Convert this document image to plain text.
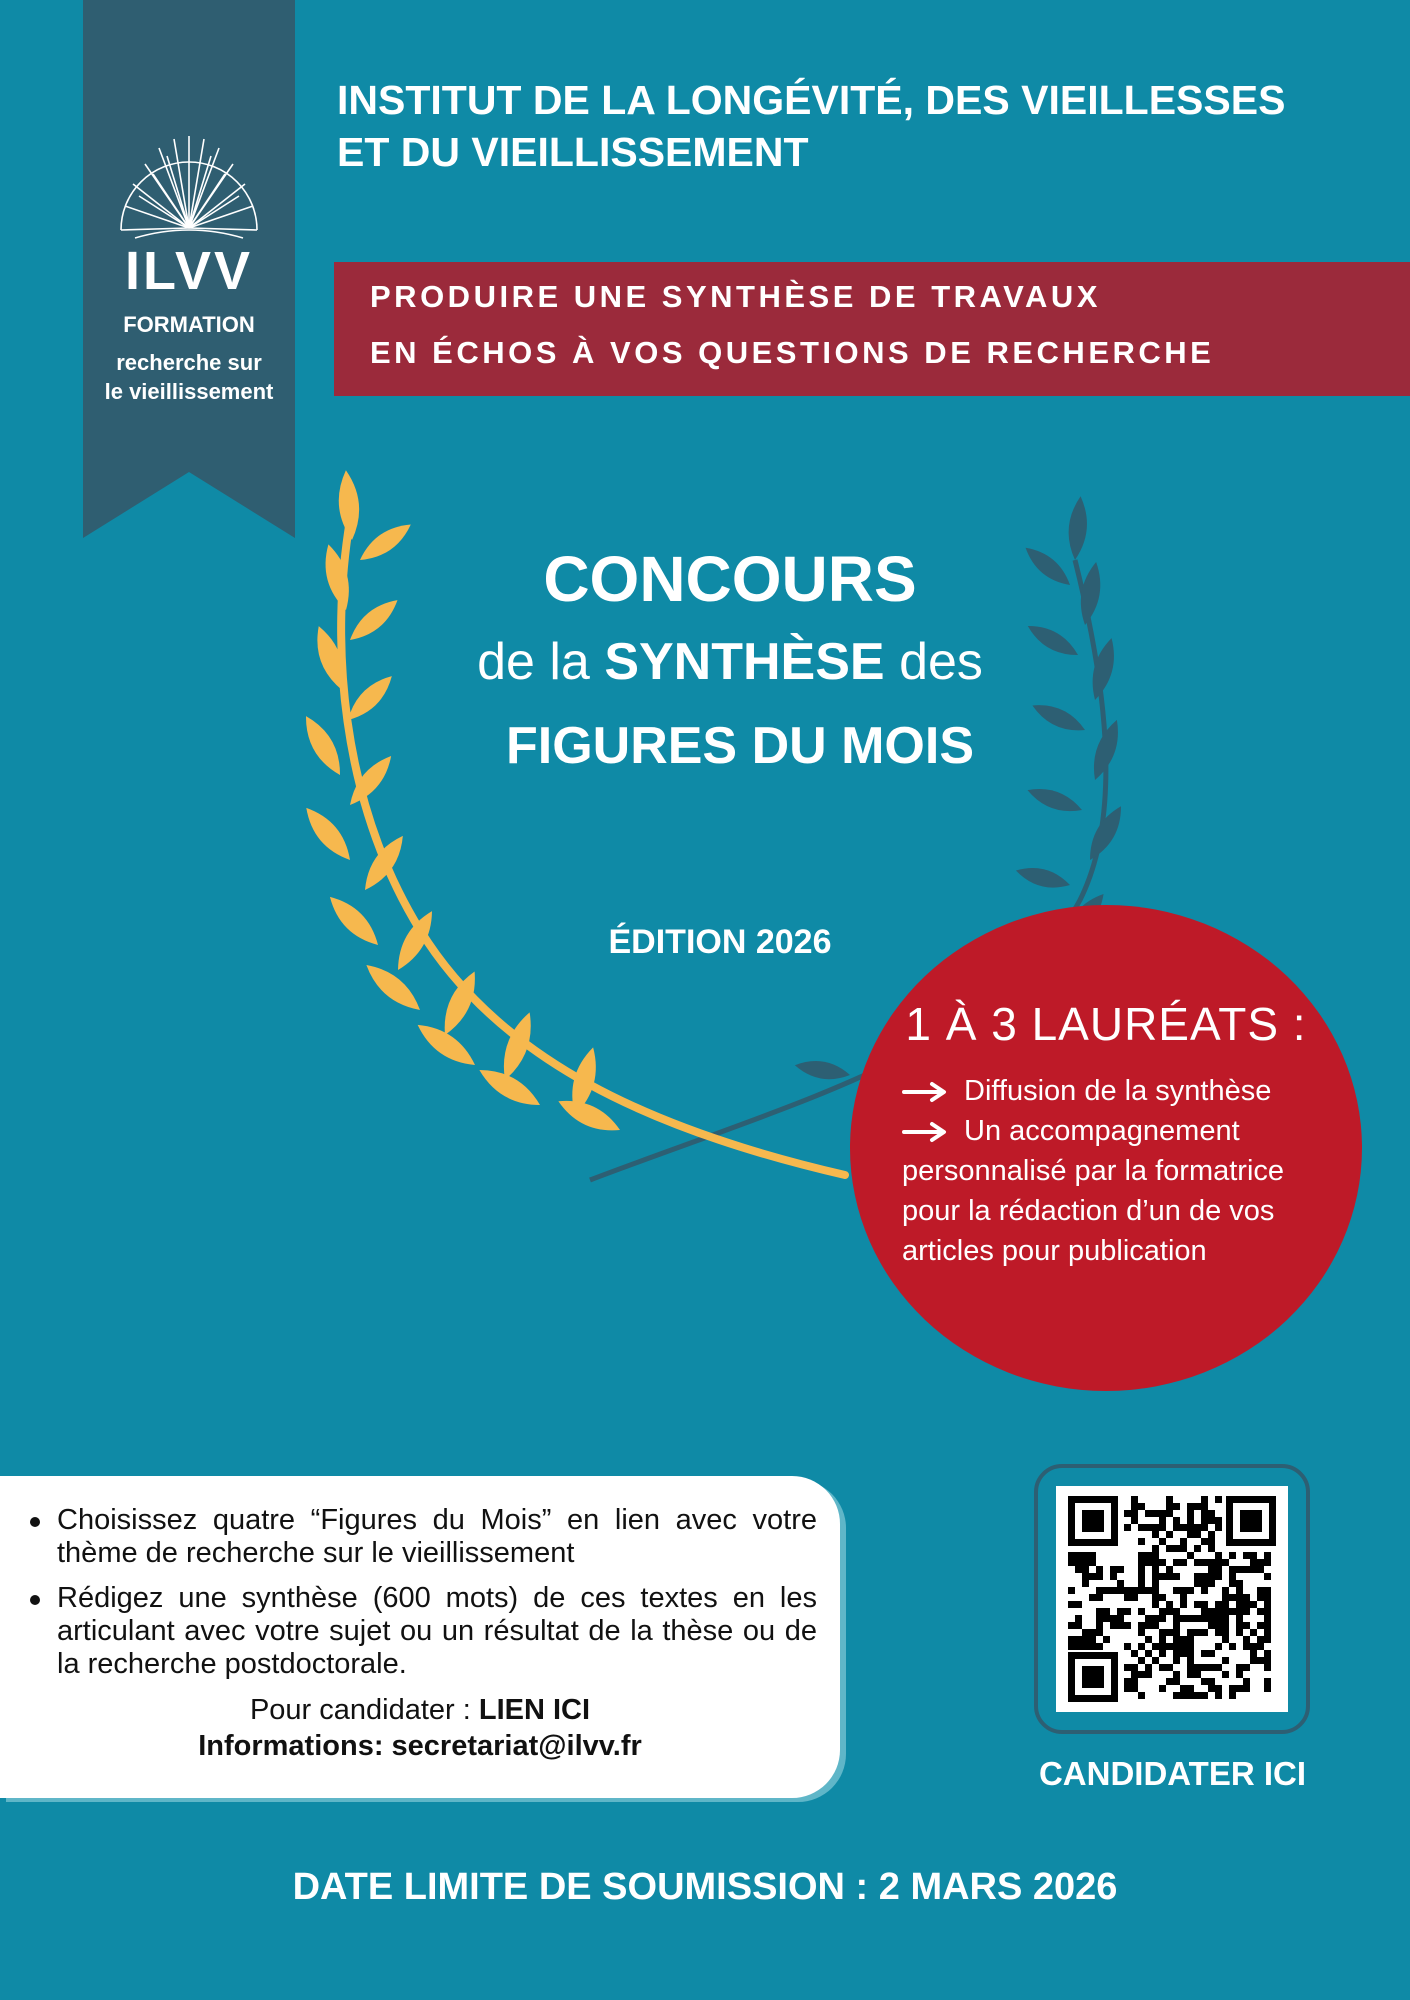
ILVV
FORMATION
recherche sur
le vieillissement
INSTITUT DE LA LONGÉVITÉ, DES VIEILLESSES
ET DU VIEILLISSEMENT
PRODUIRE UNE SYNTHÈSE DE TRAVAUX
EN ÉCHOS À VOS QUESTIONS DE RECHERCHE
CONCOURS
de la SYNTHÈSE des
FIGURES DU MOIS
ÉDITION 2026
1 À 3 LAURÉATS :
Diffusion de la synthèse
Un accompagnement
personnalisé par la formatrice
pour la rédaction d’un de vos
articles pour publication
Choisissez quatre “Figures du Mois” en lien avec votre thème de recherche sur le vieillissement
Rédigez une synthèse (600 mots) de ces textes en les articulant avec votre sujet ou un résultat de la thèse ou de la recherche postdoctorale.
Pour candidater : LIEN ICI
Informations: secretariat@ilvv.fr
CANDIDATER ICI
DATE LIMITE DE SOUMISSION : 2 MARS 2026
